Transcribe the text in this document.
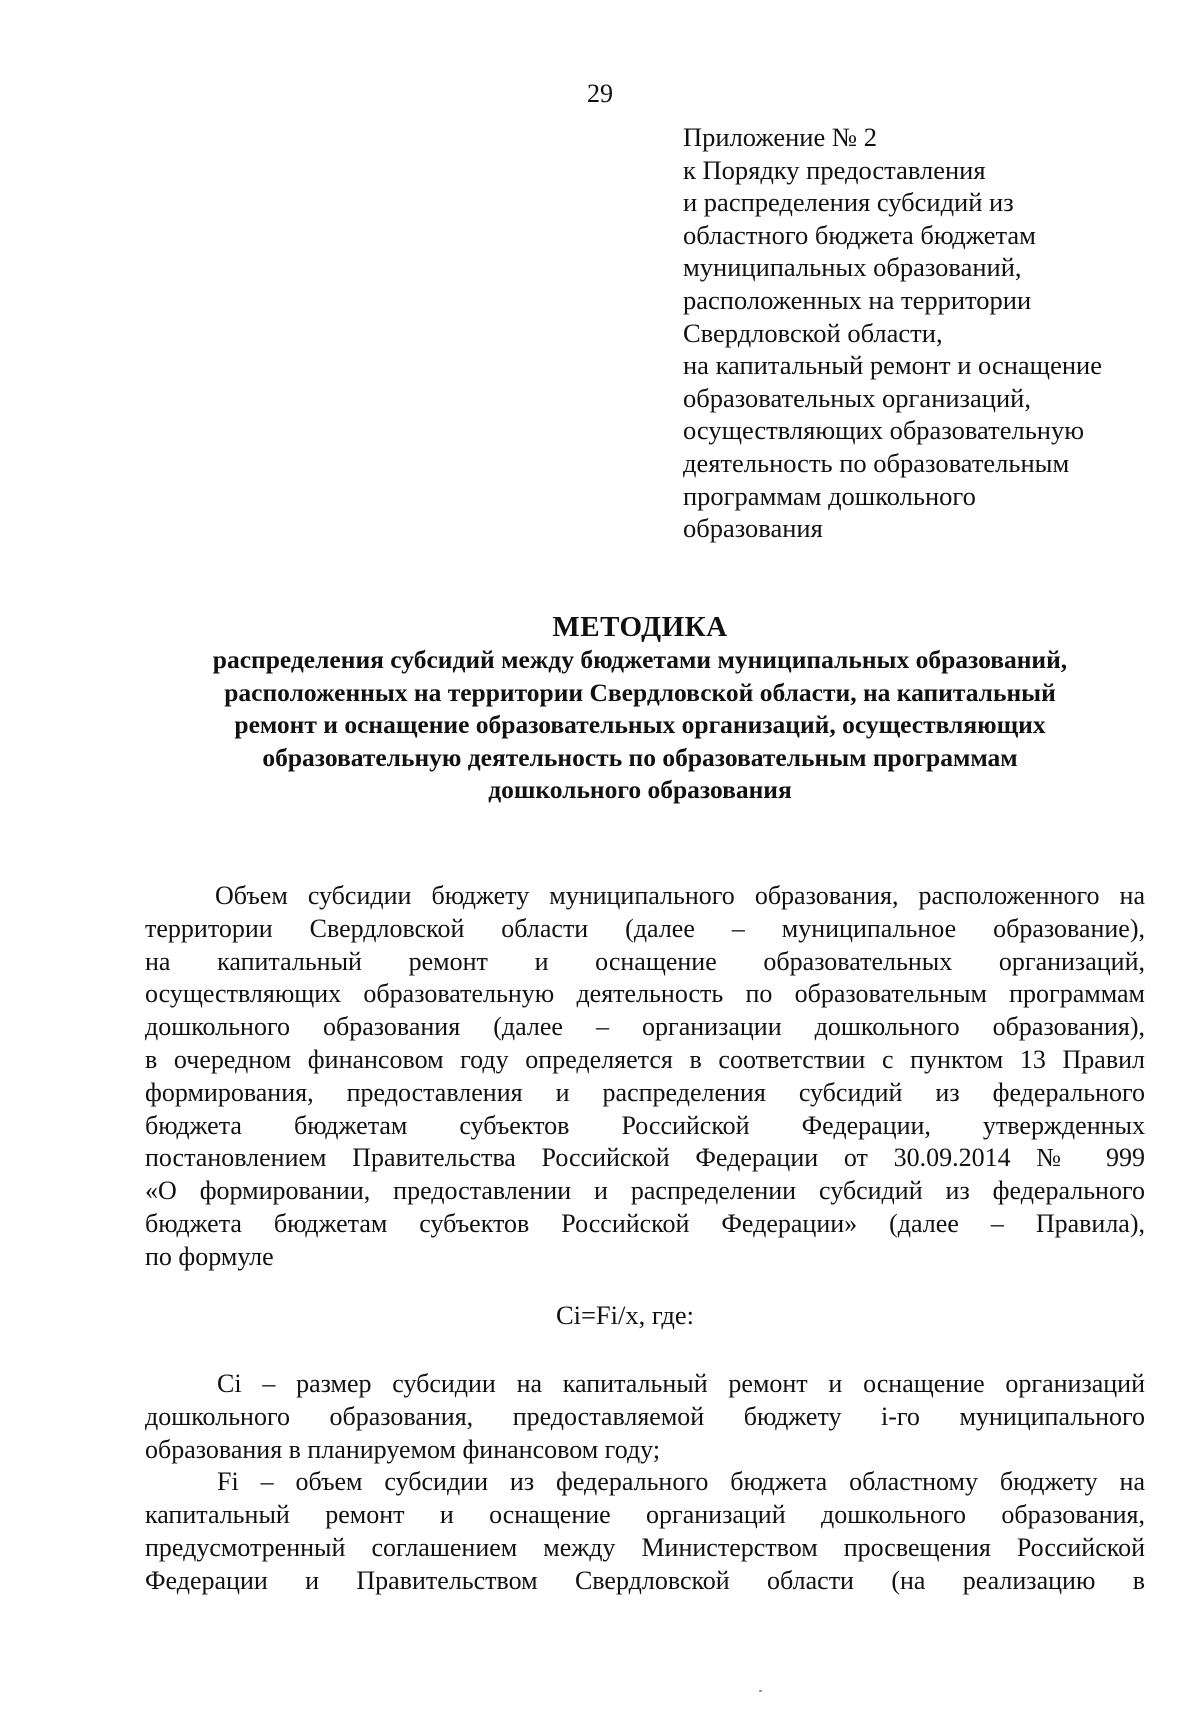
29
Приложение № 2
к Порядку предоставления
и распределения субсидий из
областного бюджета бюджетам
муниципальных образований,
расположенных на территории
Свердловской области,
на капитальный ремонт и оснащение
образовательных организаций,
осуществляющих образовательную
деятельность по образовательным
программам дошкольного
образования
МЕТОДИКА
распределения субсидий между бюджетами муниципальных образований,
расположенных на территории Свердловской области, на капитальный
ремонт и оснащение образовательных организаций, осуществляющих
образовательную деятельность по образовательным программам
дошкольного образования
Объем субсидии бюджету муниципального образования, расположенного на
территории Свердловской области (далее – муниципальное образование),
на капитальный ремонт и оснащение образовательных организаций,
осуществляющих образовательную деятельность по образовательным программам
дошкольного образования (далее – организации дошкольного образования),
в очередном финансовом году определяется в соответствии с пунктом 13 Правил
формирования, предоставления и распределения субсидий из федерального
бюджета бюджетам субъектов Российской Федерации, утвержденных
постановлением Правительства Российской Федерации от 30.09.2014 № 999
«О формировании, предоставлении и распределении субсидий из федерального
бюджета бюджетам субъектов Российской Федерации» (далее – Правила),
по формуле
Ci=Fi/x, где:
Ci – размер субсидии на капитальный ремонт и оснащение организаций
дошкольного образования, предоставляемой бюджету i-го муниципального
образования в планируемом финансовом году;
Fi – объем субсидии из федерального бюджета областному бюджету на
капитальный ремонт и оснащение организаций дошкольного образования,
предусмотренный соглашением между Министерством просвещения Российской
Федерации и Правительством Свердловской области (на реализацию в
